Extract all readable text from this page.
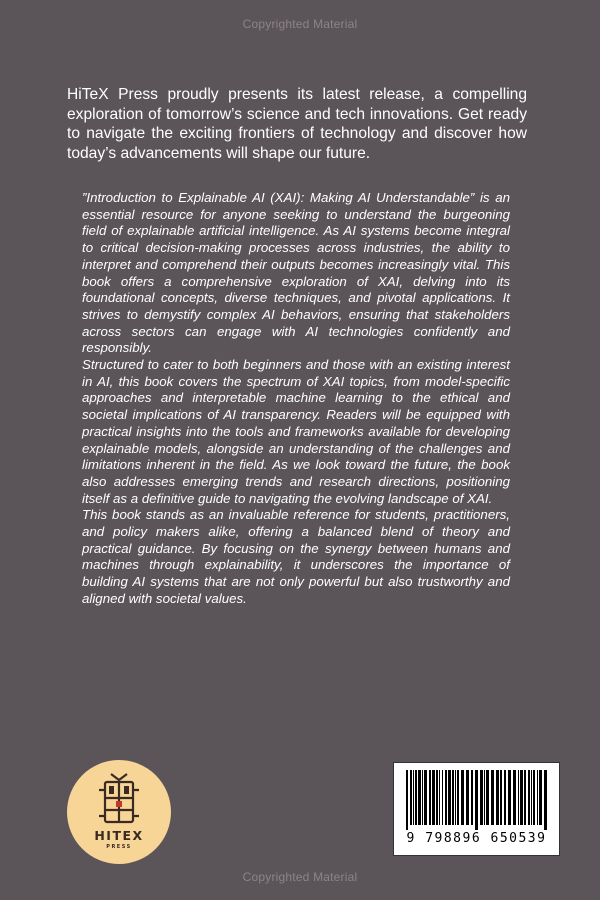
Copyrighted Material
HiTeX Press proudly presents its latest release, a compelling exploration of tomorrow’s science and tech innovations. Get ready to navigate the exciting frontiers of technology and discover how today’s advancements will shape our future.

”Introduction to Explainable AI (XAI): Making AI Understandable” is an essential resource for anyone seeking to understand the burgeoning field of explainable artificial intelligence. As AI systems become integral to critical decision-making processes across industries, the ability to interpret and comprehend their outputs becomes increasingly vital. This book offers a comprehensive exploration of XAI, delving into its foundational concepts, diverse techniques, and pivotal applications. It strives to demystify complex AI behaviors, ensuring that stakeholders across sectors can engage with AI technologies confidently and responsibly.

Structured to cater to both beginners and those with an existing interest in AI, this book covers the spectrum of XAI topics, from model-specific approaches and interpretable machine learning to the ethical and societal implications of AI transparency. Readers will be equipped with practical insights into the tools and frameworks available for developing explainable models, alongside an understanding of the challenges and limitations inherent in the field. As we look toward the future, the book also addresses emerging trends and research directions, positioning itself as a definitive guide to navigating the evolving landscape of XAI.

This book stands as an invaluable reference for students, practitioners, and policy makers alike, offering a balanced blend of theory and practical guidance. By focusing on the synergy between humans and machines through explainability, it underscores the importance of building AI systems that are not only powerful but also trustworthy and aligned with societal values.

HITEX
PRESS
9 798896 650539
Copyrighted Material
